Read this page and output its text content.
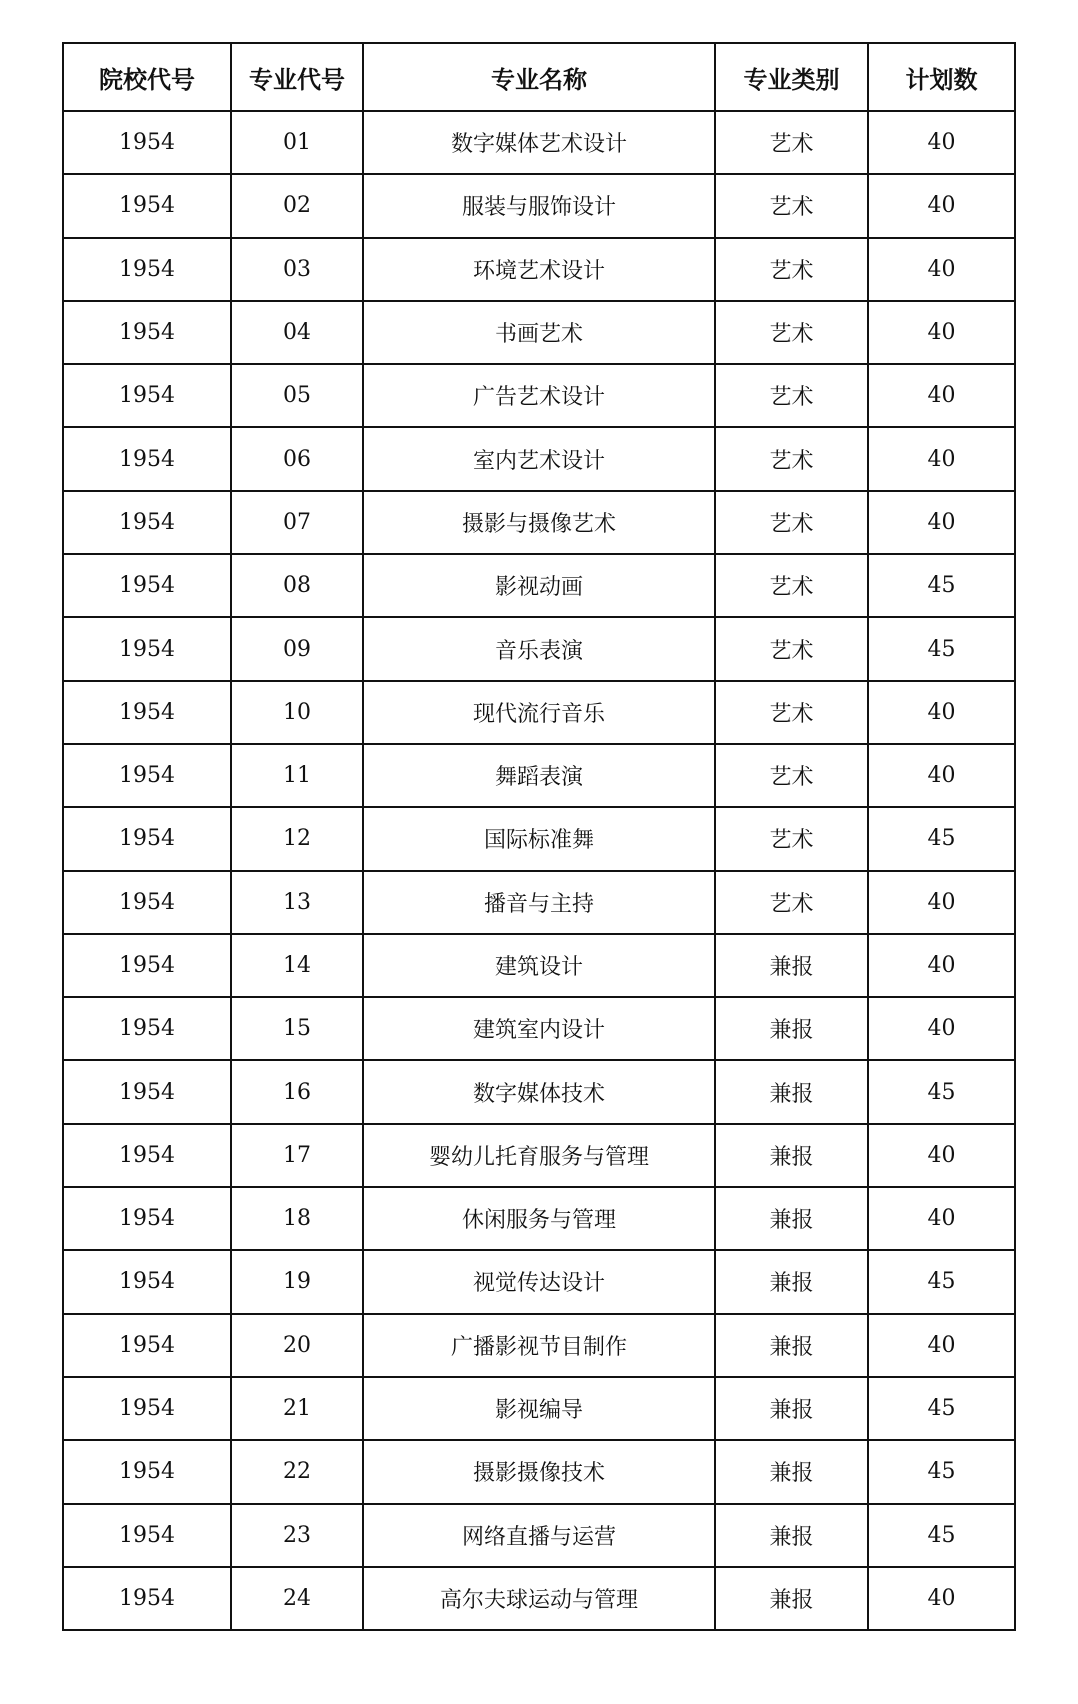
院校代号	专业代号	专业名称	专业类别	计划数
1954	01	数字媒体艺术设计	艺术	40
1954	02	服装与服饰设计	艺术	40
1954	03	环境艺术设计	艺术	40
1954	04	书画艺术	艺术	40
1954	05	广告艺术设计	艺术	40
1954	06	室内艺术设计	艺术	40
1954	07	摄影与摄像艺术	艺术	40
1954	08	影视动画	艺术	45
1954	09	音乐表演	艺术	45
1954	10	现代流行音乐	艺术	40
1954	11	舞蹈表演	艺术	40
1954	12	国际标准舞	艺术	45
1954	13	播音与主持	艺术	40
1954	14	建筑设计	兼报	40
1954	15	建筑室内设计	兼报	40
1954	16	数字媒体技术	兼报	45
1954	17	婴幼儿托育服务与管理	兼报	40
1954	18	休闲服务与管理	兼报	40
1954	19	视觉传达设计	兼报	45
1954	20	广播影视节目制作	兼报	40
1954	21	影视编导	兼报	45
1954	22	摄影摄像技术	兼报	45
1954	23	网络直播与运营	兼报	45
1954	24	高尔夫球运动与管理	兼报	40
